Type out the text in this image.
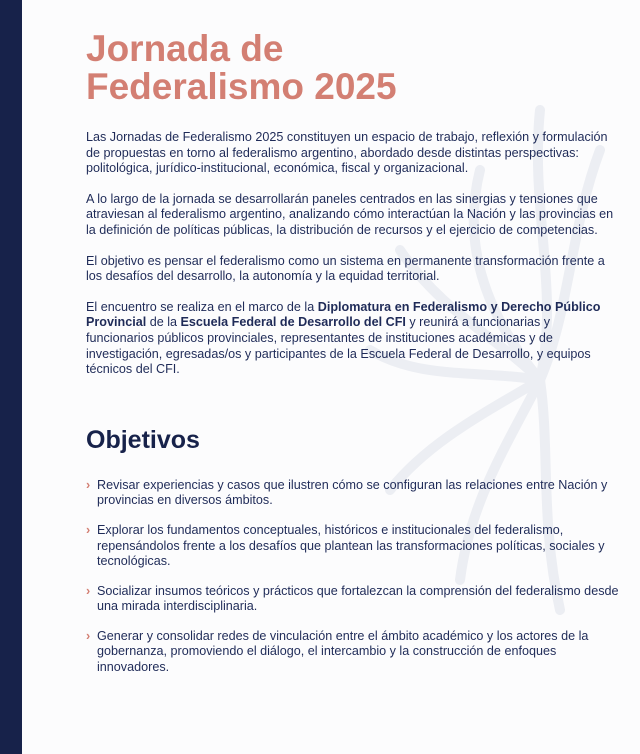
Jornada de
Federalismo 2025

Las Jornadas de Federalismo 2025 constituyen un espacio de trabajo, reflexión y formulación de propuestas en torno al federalismo argentino, abordado desde distintas perspectivas: politológica, jurídico-institucional, económica, fiscal y organizacional.

A lo largo de la jornada se desarrollarán paneles centrados en las sinergias y tensiones que atraviesan al federalismo argentino, analizando cómo interactúan la Nación y las provincias en la definición de políticas públicas, la distribución de recursos y el ejercicio de competencias.

El objetivo es pensar el federalismo como un sistema en permanente transformación frente a los desafíos del desarrollo, la autonomía y la equidad territorial.

El encuentro se realiza en el marco de la Diplomatura en Federalismo y Derecho Público Provincial de la Escuela Federal de Desarrollo del CFI y reunirá a funcionarias y funcionarios públicos provinciales, representantes de instituciones académicas y de investigación, egresadas/os y participantes de la Escuela Federal de Desarrollo, y equipos técnicos del CFI.

Objetivos
› Revisar experiencias y casos que ilustren cómo se configuran las relaciones entre Nación y provincias en diversos ámbitos.
› Explorar los fundamentos conceptuales, históricos e institucionales del federalismo, repensándolos frente a los desafíos que plantean las transformaciones políticas, sociales y tecnológicas.
› Socializar insumos teóricos y prácticos que fortalezcan la comprensión del federalismo desde una mirada interdisciplinaria.
› Generar y consolidar redes de vinculación entre el ámbito académico y los actores de la gobernanza, promoviendo el diálogo, el intercambio y la construcción de enfoques innovadores.
